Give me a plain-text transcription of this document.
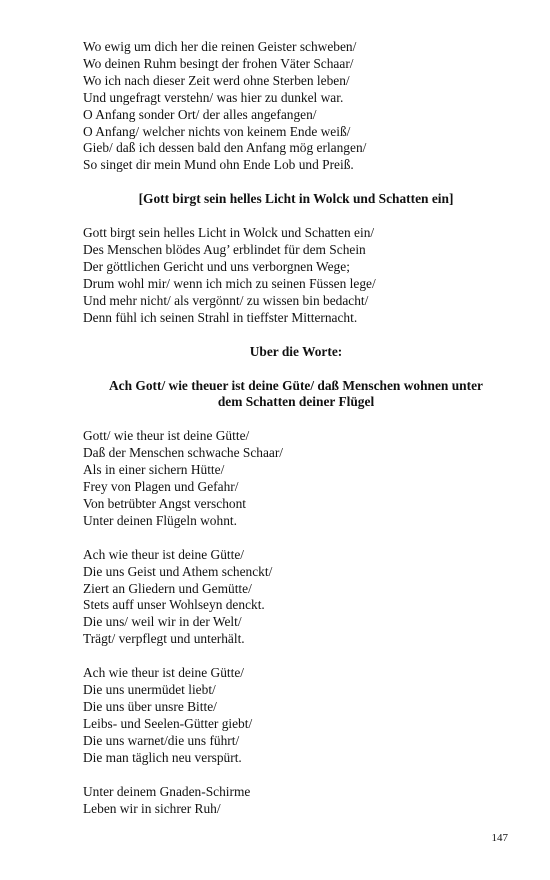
Wo ewig um dich her die reinen Geister schweben/
Wo deinen Ruhm besingt der frohen Väter Schaar/
Wo ich nach dieser Zeit werd ohne Sterben leben/
Und ungefragt verstehn/ was hier zu dunkel war.
O Anfang sonder Ort/ der alles angefangen/
O Anfang/ welcher nichts von keinem Ende weiß/
Gieb/ daß ich dessen bald den Anfang mög erlangen/
So singet dir mein Mund ohn Ende Lob und Preiß.

[Gott birgt sein helles Licht in Wolck und Schatten ein]

Gott birgt sein helles Licht in Wolck und Schatten ein/
Des Menschen blödes Aug’ erblindet für dem Schein
Der göttlichen Gericht und uns verborgnen Wege;
Drum wohl mir/ wenn ich mich zu seinen Füssen lege/
Und mehr nicht/ als vergönnt/ zu wissen bin bedacht/
Denn fühl ich seinen Strahl in tieffster Mitternacht.

Uber die Worte:

Ach Gott/ wie theuer ist deine Güte/ daß Menschen wohnen unter

dem Schatten deiner Flügel

Gott/ wie theur ist deine Gütte/
Daß der Menschen schwache Schaar/
Als in einer sichern Hütte/
Frey von Plagen und Gefahr/
Von betrübter Angst verschont
Unter deinen Flügeln wohnt.
Ach wie theur ist deine Gütte/
Die uns Geist und Athem schenckt/
Ziert an Gliedern und Gemütte/
Stets auff unser Wohlseyn denckt.
Die uns/ weil wir in der Welt/
Trägt/ verpflegt und unterhält.
Ach wie theur ist deine Gütte/
Die uns unermüdet liebt/
Die uns über unsre Bitte/
Leibs- und Seelen-Gütter giebt/
Die uns warnet/die uns führt/
Die man täglich neu verspürt.
Unter deinem Gnaden-Schirme
Leben wir in sichrer Ruh/
147
